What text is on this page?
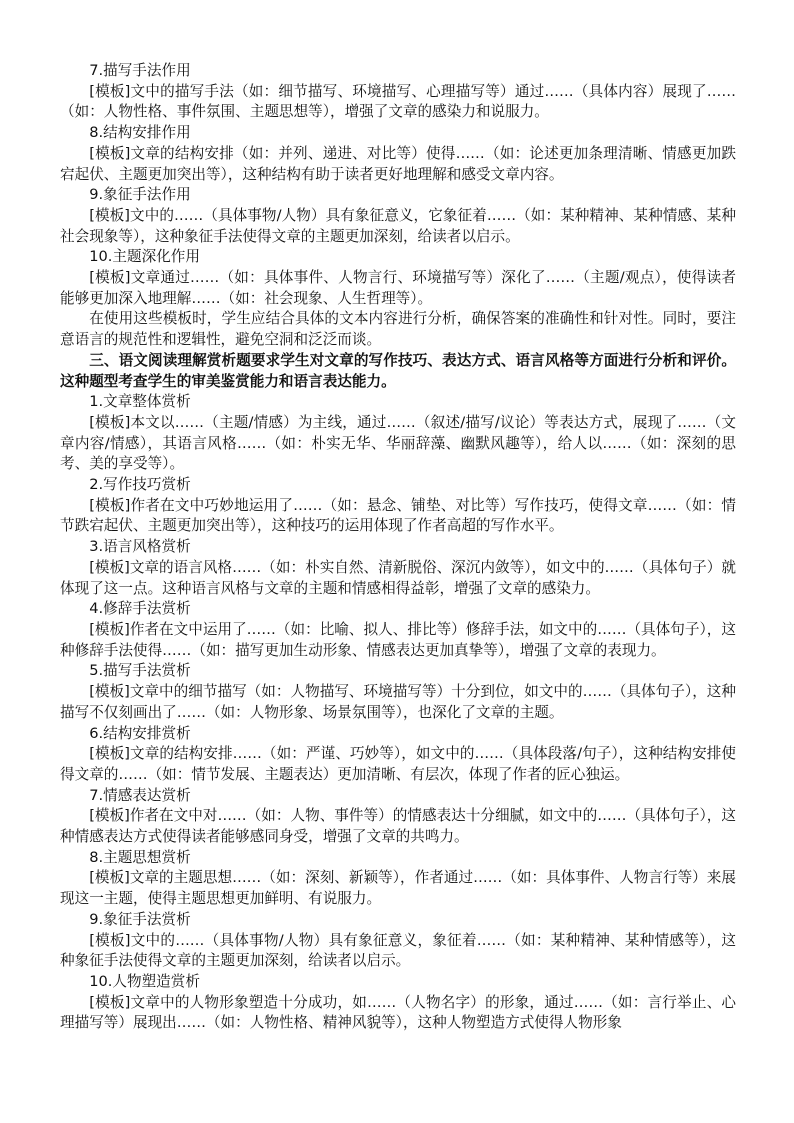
7.描写手法作用

[模板]文中的描写手法（如：细节描写、环境描写、心理描写等）通过……（具体内容）展现了……（如：人物性格、事件氛围、主题思想等），增强了文章的感染力和说服力。

8.结构安排作用

[模板]文章的结构安排（如：并列、递进、对比等）使得……（如：论述更加条理清晰、情感更加跌宕起伏、主题更加突出等），这种结构有助于读者更好地理解和感受文章内容。

9.象征手法作用

[模板]文中的……（具体事物/人物）具有象征意义，它象征着……（如：某种精神、某种情感、某种社会现象等），这种象征手法使得文章的主题更加深刻，给读者以启示。

10.主题深化作用

[模板]文章通过……（如：具体事件、人物言行、环境描写等）深化了……（主题/观点），使得读者能够更加深入地理解……（如：社会现象、人生哲理等）。

在使用这些模板时，学生应结合具体的文本内容进行分析，确保答案的准确性和针对性。同时，要注意语言的规范性和逻辑性，避免空洞和泛泛而谈。

三、语文阅读理解赏析题要求学生对文章的写作技巧、表达方式、语言风格等方面进行分析和评价。这种题型考查学生的审美鉴赏能力和语言表达能力。

1.文章整体赏析

[模板]本文以……（主题/情感）为主线，通过……（叙述/描写/议论）等表达方式，展现了……（文章内容/情感），其语言风格……（如：朴实无华、华丽辞藻、幽默风趣等），给人以……（如：深刻的思考、美的享受等）。

2.写作技巧赏析

[模板]作者在文中巧妙地运用了……（如：悬念、铺垫、对比等）写作技巧，使得文章……（如：情节跌宕起伏、主题更加突出等），这种技巧的运用体现了作者高超的写作水平。

3.语言风格赏析

[模板]文章的语言风格……（如：朴实自然、清新脱俗、深沉内敛等），如文中的……（具体句子）就体现了这一点。这种语言风格与文章的主题和情感相得益彰，增强了文章的感染力。

4.修辞手法赏析

[模板]作者在文中运用了……（如：比喻、拟人、排比等）修辞手法，如文中的……（具体句子），这种修辞手法使得……（如：描写更加生动形象、情感表达更加真挚等），增强了文章的表现力。

5.描写手法赏析

[模板]文章中的细节描写（如：人物描写、环境描写等）十分到位，如文中的……（具体句子），这种描写不仅刻画出了……（如：人物形象、场景氛围等），也深化了文章的主题。

6.结构安排赏析

[模板]文章的结构安排……（如：严谨、巧妙等），如文中的……（具体段落/句子），这种结构安排使得文章的……（如：情节发展、主题表达）更加清晰、有层次，体现了作者的匠心独运。

7.情感表达赏析

[模板]作者在文中对……（如：人物、事件等）的情感表达十分细腻，如文中的……（具体句子），这种情感表达方式使得读者能够感同身受，增强了文章的共鸣力。

8.主题思想赏析

[模板]文章的主题思想……（如：深刻、新颖等），作者通过……（如：具体事件、人物言行等）来展现这一主题，使得主题思想更加鲜明、有说服力。

9.象征手法赏析

[模板]文中的……（具体事物/人物）具有象征意义，象征着……（如：某种精神、某种情感等），这种象征手法使得文章的主题更加深刻，给读者以启示。

10.人物塑造赏析

[模板]文章中的人物形象塑造十分成功，如……（人物名字）的形象，通过……（如：言行举止、心理描写等）展现出……（如：人物性格、精神风貌等），这种人物塑造方式使得人物形象
